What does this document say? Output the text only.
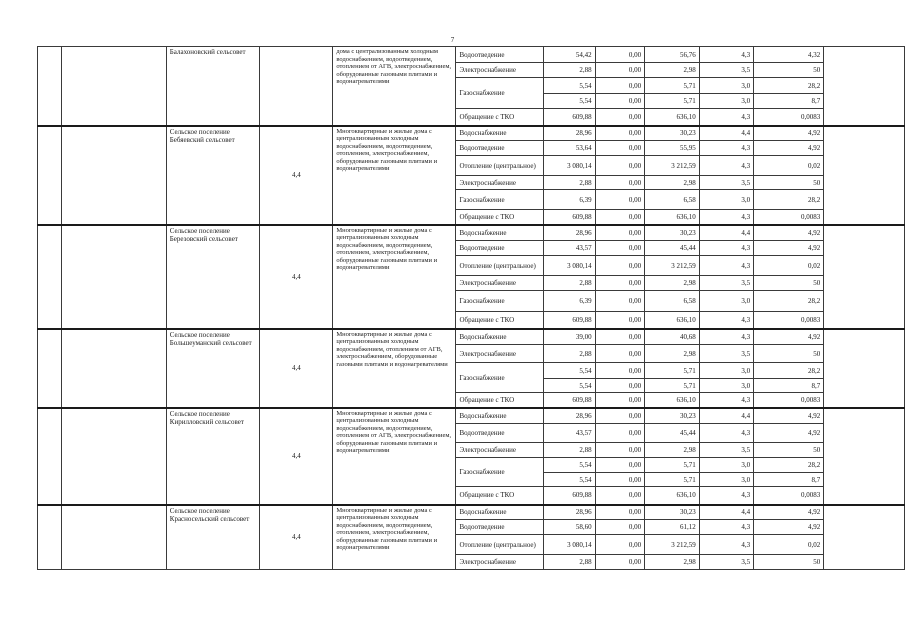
7
		Балахоновский сельсовет		дома с централизованным холодным водоснабжением, водоотведением, отоплением от АГВ, электроснабжением, оборудованные газовыми плитами и водонагревателями	Водоотведение	54,42	0,00	56,76	4,3	4,32	
					Электроснабжение	2,88	0,00	2,98	3,5	50	
					Газоснабжение	5,54	0,00	5,71	3,0	28,2	
						5,54	0,00	5,71	3,0	8,7	
					Обращение с ТКО	609,88	0,00	636,10	4,3	0,0083	
		Сельское поселение Бебяевский сельсовет	4,4	Многоквартирные и жилые дома с централизованным холодным водоснабжением, водоотведением, отоплением, электроснабжением, оборудованные газовыми плитами и водонагревателями	Водоснабжение	28,96	0,00	30,23	4,4	4,92	
					Водоотведение	53,64	0,00	55,95	4,3	4,92	
					Отопление (центральное)	3 080,14	0,00	3 212,59	4,3	0,02	
					Электроснабжение	2,88	0,00	2,98	3,5	50	
					Газоснабжение	6,39	0,00	6,58	3,0	28,2	
					Обращение с ТКО	609,88	0,00	636,10	4,3	0,0083	
		Сельское поселение Березовский сельсовет	4,4	Многоквартирные и жилые дома с централизованным холодным водоснабжением, водоотведением, отоплением, электроснабжением, оборудованные газовыми плитами и водонагревателями	Водоснабжение	28,96	0,00	30,23	4,4	4,92	
					Водоотведение	43,57	0,00	45,44	4,3	4,92	
					Отопление (центральное)	3 080,14	0,00	3 212,59	4,3	0,02	
					Электроснабжение	2,88	0,00	2,98	3,5	50	
					Газоснабжение	6,39	0,00	6,58	3,0	28,2	
					Обращение с ТКО	609,88	0,00	636,10	4,3	0,0083	
		Сельское поселение Большеуманский сельсовет	4,4	Многоквартирные и жилые дома с централизованным холодным водоснабжением, отоплением от АГВ, электроснабжением, оборудованные газовыми плитами и водонагревателями	Водоснабжение	39,00	0,00	40,68	4,3	4,92	
					Электроснабжение	2,88	0,00	2,98	3,5	50	
					Газоснабжение	5,54	0,00	5,71	3,0	28,2	
						5,54	0,00	5,71	3,0	8,7	
					Обращение с ТКО	609,88	0,00	636,10	4,3	0,0083	
		Сельское поселение Кирилловский сельсовет	4,4	Многоквартирные и жилые дома с централизованным холодным водоснабжением, водоотведением, отоплением от АГВ, электроснабжением, оборудованные газовыми плитами и водонагревателями	Водоснабжение	28,96	0,00	30,23	4,4	4,92	
					Водоотведение	43,57	0,00	45,44	4,3	4,92	
					Электроснабжение	2,88	0,00	2,98	3,5	50	
					Газоснабжение	5,54	0,00	5,71	3,0	28,2	
						5,54	0,00	5,71	3,0	8,7	
					Обращение с ТКО	609,88	0,00	636,10	4,3	0,0083	
		Сельское поселение Красносельский сельсовет	4,4	Многоквартирные и жилые дома с централизованным холодным водоснабжением, водоотведением, отоплением, электроснабжением, оборудованные газовыми плитами и водонагревателями	Водоснабжение	28,96	0,00	30,23	4,4	4,92	
					Водоотведение	58,60	0,00	61,12	4,3	4,92	
					Отопление (центральное)	3 080,14	0,00	3 212,59	4,3	0,02	
					Электроснабжение	2,88	0,00	2,98	3,5	50	
